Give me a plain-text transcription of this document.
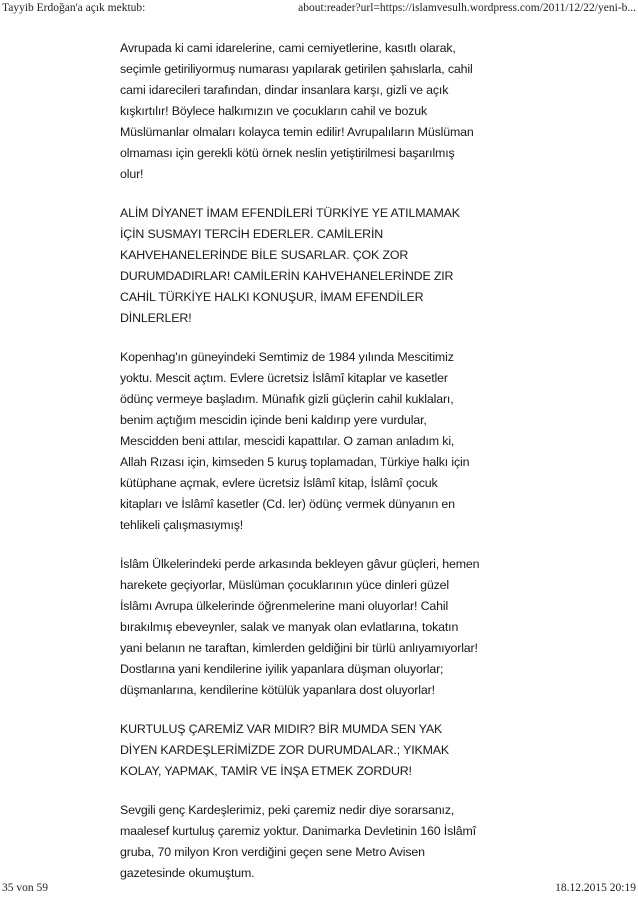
Tayyib Erdoğan'a açık mektub:	about:reader?url=https://islamvesulh.wordpress.com/2011/12/22/yeni-b...

Avrupada ki cami idarelerine, cami cemiyetlerine, kasıtlı olarak,
seçimle getiriliyormuş numarası yapılarak getirilen şahıslarla, cahil
cami idarecileri tarafından, dindar insanlara karşı, gizli ve açık
kışkırtılır! Böylece halkımızın ve çocukların cahil ve bozuk
Müslümanlar olmaları kolayca temin edilir! Avrupalıların Müslüman
olmaması için gerekli kötü örnek neslin yetiştirilmesi başarılmış
olur!

ALİM DİYANET İMAM EFENDİLERİ TÜRKİYE YE ATILMAMAK
İÇİN SUSMAYI TERCİH EDERLER. CAMİLERİN
KAHVEHANELERİNDE BİLE SUSARLAR. ÇOK ZOR
DURUMDADIRLAR! CAMİLERİN KAHVEHANELERİNDE ZIR
CAHİL TÜRKİYE HALKI KONUŞUR, İMAM EFENDİLER
DİNLERLER!

Kopenhag'ın güneyindeki Semtimiz de 1984 yılında Mescitimiz
yoktu. Mescit açtım. Evlere ücretsiz İslâmî kitaplar ve kasetler
ödünç vermeye başladım. Münafık gizli güçlerin cahil kuklaları,
benim açtığım mescidin içinde beni kaldırıp yere vurdular,
Mescidden beni attılar, mescidi kapattılar. O zaman anladım ki,
Allah Rızası için, kimseden 5 kuruş toplamadan, Türkiye halkı için
kütüphane açmak, evlere ücretsiz İslâmî kitap, İslâmî çocuk
kitapları ve İslâmî kasetler (Cd. ler) ödünç vermek dünyanın en
tehlikeli çalışmasıymış!

İslâm Ülkelerindeki perde arkasında bekleyen gâvur güçleri, hemen
harekete geçiyorlar, Müslüman çocuklarının yüce dinleri güzel
İslâmı Avrupa ülkelerinde öğrenmelerine mani oluyorlar! Cahil
bırakılmış ebeveynler, salak ve manyak olan evlatlarına, tokatın
yani belanın ne taraftan, kimlerden geldiğini bir türlü anlıyamıyorlar!
Dostlarına yani kendilerine iyilik yapanlara düşman oluyorlar;
düşmanlarına, kendilerine kötülük yapanlara dost oluyorlar!

KURTULUŞ ÇAREMİZ VAR MIDIR? BİR MUMDA SEN YAK
DİYEN KARDEŞLERİMİZDE ZOR DURUMDALAR.; YIKMAK
KOLAY, YAPMAK, TAMİR VE İNŞA ETMEK ZORDUR!

Sevgili genç Kardeşlerimiz, peki çaremiz nedir diye sorarsanız,
maalesef kurtuluş çaremiz yoktur. Danimarka Devletinin 160 İslâmî
gruba, 70 milyon Kron verdiğini geçen sene Metro Avisen
gazetesinde okumuştum.

35 von 59	18.12.2015 20:19
